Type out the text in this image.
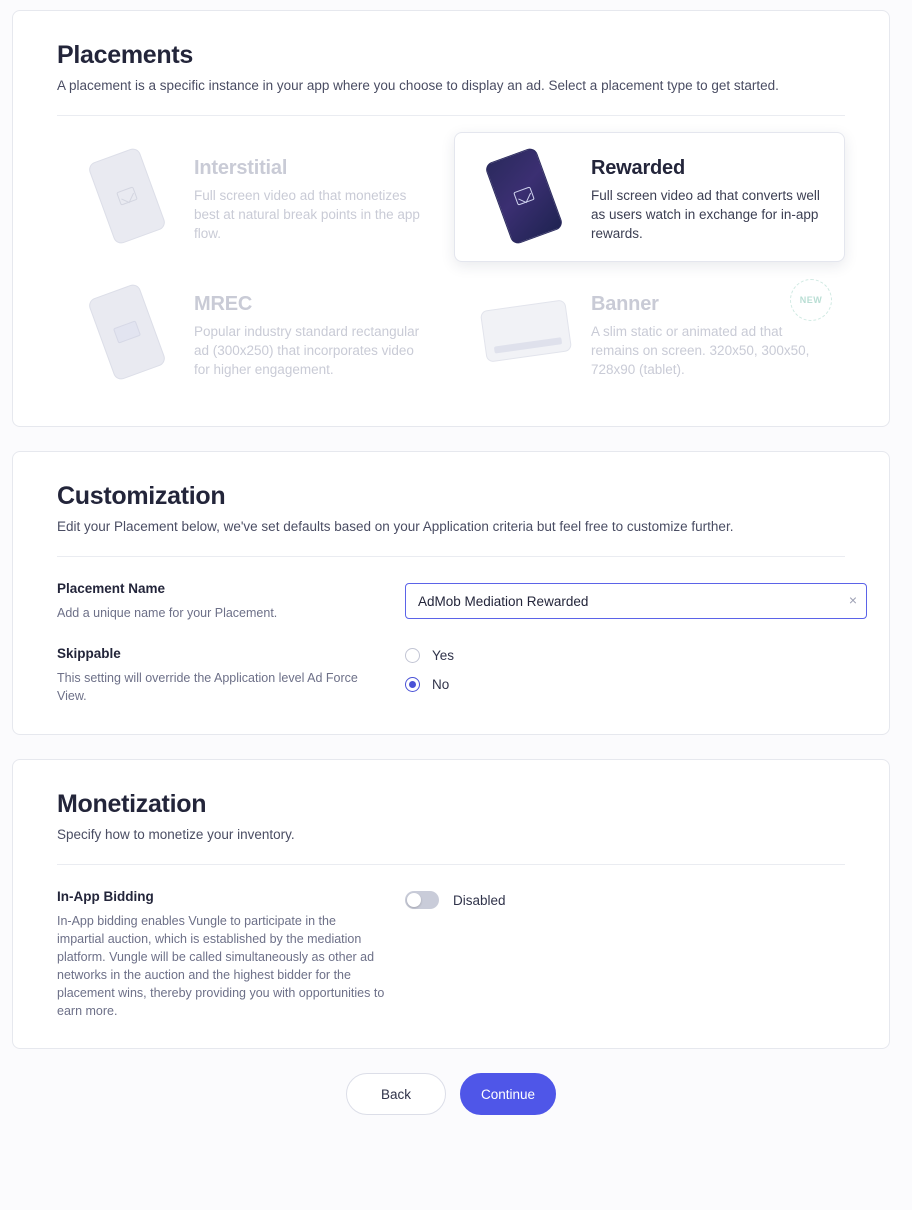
Placements

A placement is a specific instance in your app where you choose to display an ad. Select a placement type to get started.

Interstitial
Full screen video ad that monetizes best at natural break points in the app flow.
Rewarded
Full screen video ad that converts well as users watch in exchange for in-app rewards.
MREC
Popular industry standard rectangular ad (300x250) that incorporates video for higher engagement.
Banner
A slim static or animated ad that remains on screen. 320x50, 300x50, 728x90 (tablet).
NEW
Customization

Edit your Placement below, we've set defaults based on your Application criteria but feel free to customize further.

Placement Name
Add a unique name for your Placement.
AdMob Mediation Rewarded
×
Skippable
This setting will override the Application level Ad Force View.
Yes
No
Monetization

Specify how to monetize your inventory.

In-App Bidding
In-App bidding enables Vungle to participate in the impartial auction, which is established by the mediation platform. Vungle will be called simultaneously as other ad networks in the auction and the highest bidder for the placement wins, thereby providing you with opportunities to earn more.
Disabled
Back	Continue
